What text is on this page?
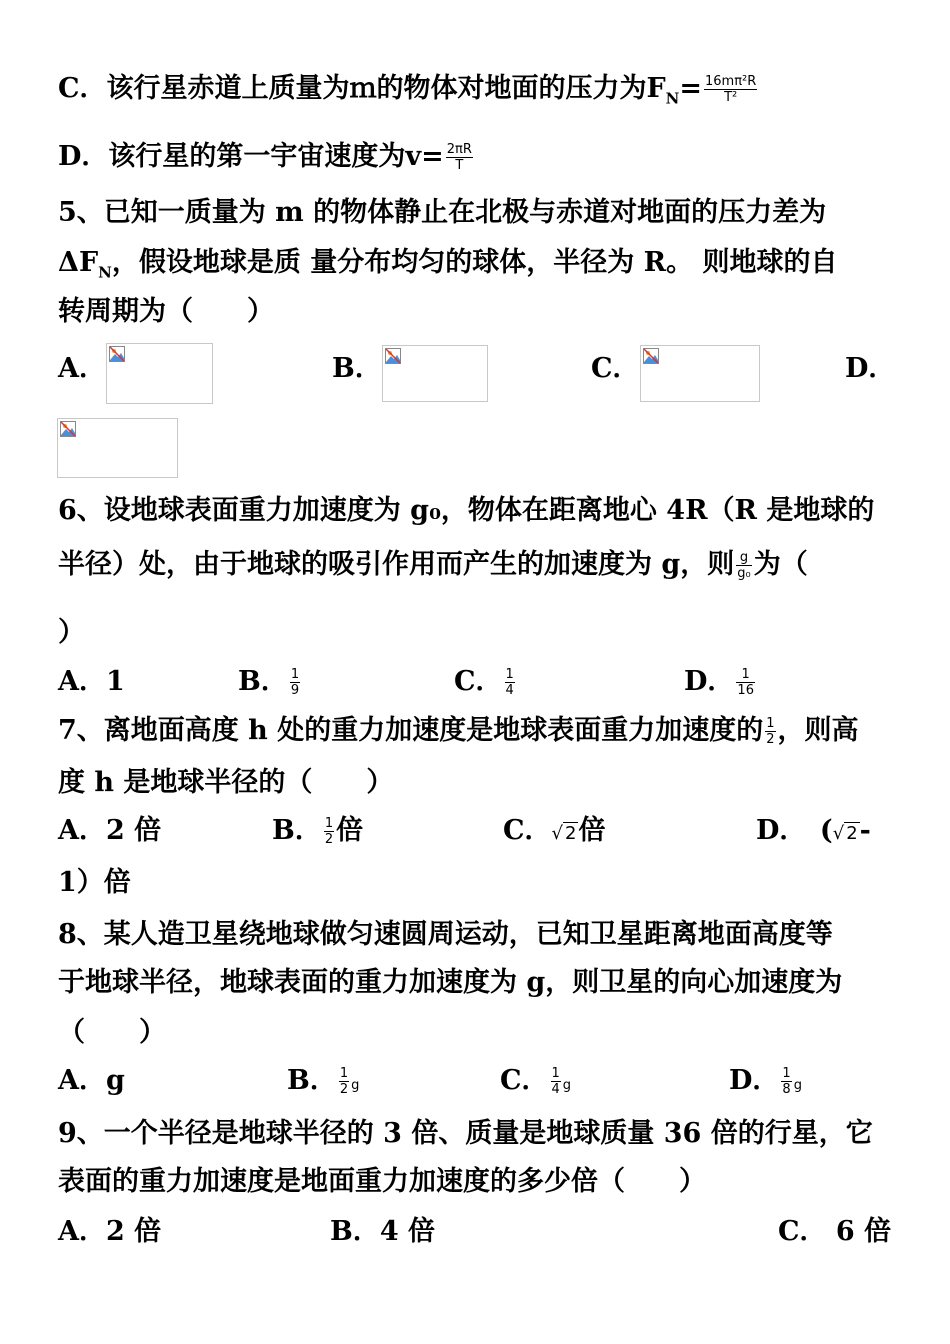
C．该行星赤道上质量为ｍ的物体对地面的压力为$F_N= \frac{\text{16mπ²R}}{\text{T²}}$
D．该行星的第一宇宙速度为$v= \frac{2\pi R}{T}$
5、已知一质量为 m 的物体静止在北极与赤道对地面的压力差为
$\Delta F_N$，假设地球是质 量分布均匀的球体，半径为 R。 则地球的自
转周期为（　　）
A．	B．	C．	D．
6、设地球表面重力加速度为 g₀，物体在距离地心 4R（R 是地球的
半径）处，由于地球的吸引作用而产生的加速度为 g，则 $\frac{g}{\text{g₀}}$ 为（
）
A．1	B． $\frac{1}{9}$	C． $\frac{1}{4}$	D． $\frac{1}{16}$
7、离地面高度 h 处的重力加速度是地球表面重力加速度的 $\frac{1}{2}$ ，则高
度 h 是地球半径的（　　）
A．2 倍	B． $\frac{1}{2}$ 倍	C．√ 2倍	D．　(√ 2-
1）倍
8、某人造卫星绕地球做匀速圆周运动，已知卫星距离地面高度等
于地球半径，地球表面的重力加速度为 g，则卫星的向心加速度为
（　　）
A．g	B． $\frac{1}{2}$ g	C． $\frac{1}{4}$ g	D． $\frac{1}{8}$ g
9、一个半径是地球半径的 3 倍、质量是地球质量 36 倍的行星，它
表面的重力加速度是地面重力加速度的多少倍（　　）
A．2 倍	B．4 倍	C． 6 倍
